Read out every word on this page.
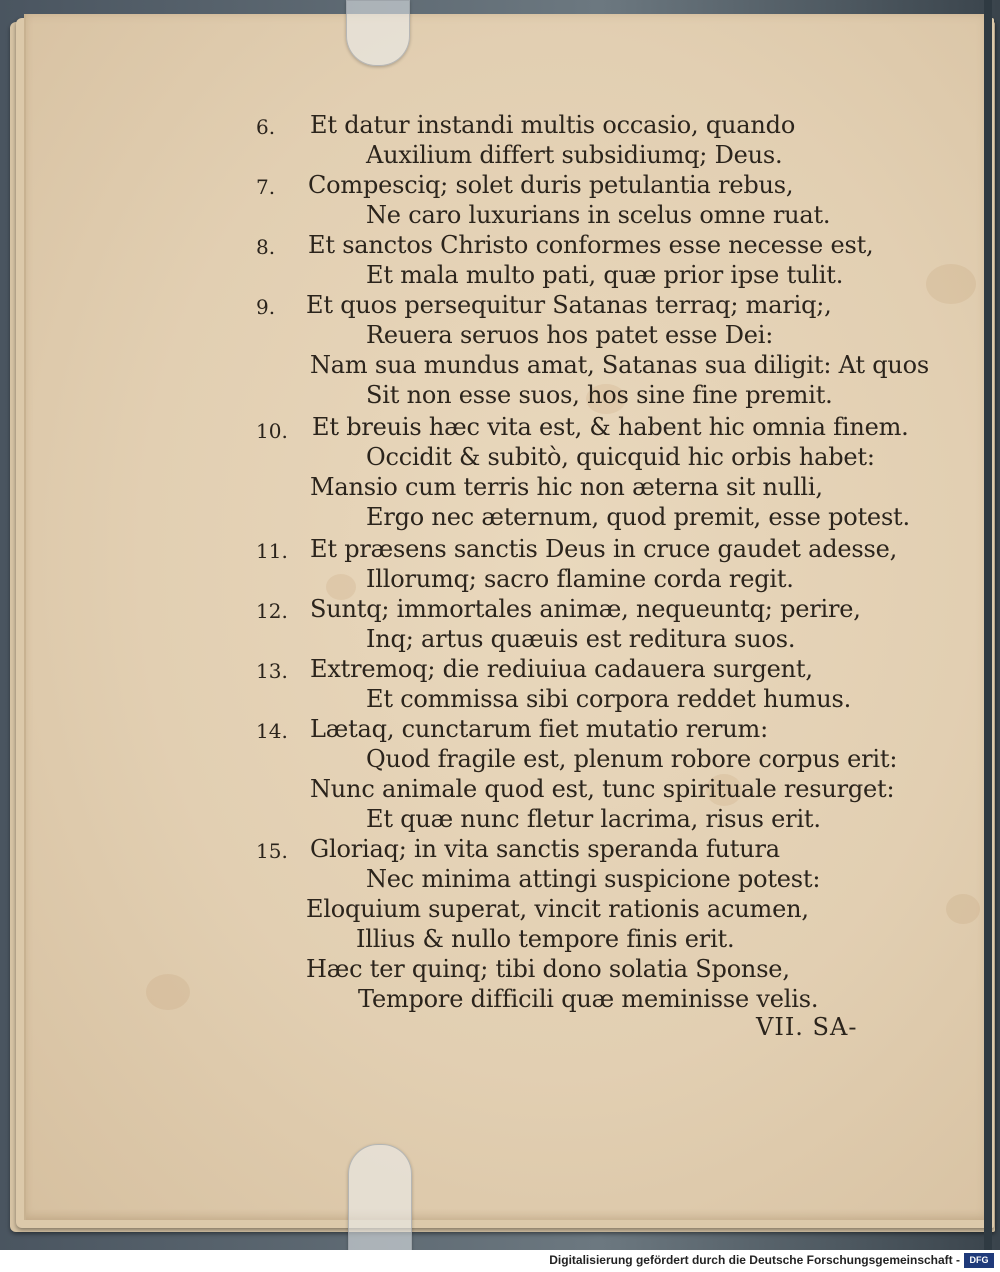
6. Et datur instandi multis occasio, quando
Auxilium differt subsidiumq; Deus.
7. Compesciq; solet duris petulantia rebus,
Ne caro luxurians in scelus omne ruat.
8. Et sanctos Christo conformes esse necesse est,
Et mala multo pati, quæ prior ipse tulit.
9. Et quos persequitur Satanas terraq; mariq;,
Reuera seruos hos patet esse Dei:
Nam sua mundus amat, Satanas sua diligit: At quos
Sit non esse suos, hos sine fine premit.
10. Et breuis hæc vita est, & habent hic omnia finem.
Occidit & subitò, quicquid hic orbis habet:
Mansio cum terris hic non æterna sit nulli,
Ergo nec æternum, quod premit, esse potest.
11. Et præsens sanctis Deus in cruce gaudet adesse,
Illorumq; sacro flamine corda regit.
12. Suntq; immortales animæ, nequeuntq; perire,
Inq; artus quæuis est reditura suos.
13. Extremoq; die rediuiua cadauera surgent,
Et commissa sibi corpora reddet humus.
14. Lætaq, cunctarum fiet mutatio rerum:
Quod fragile est, plenum robore corpus erit:
Nunc animale quod est, tunc spirituale resurget:
Et quæ nunc fletur lacrima, risus erit.
15. Gloriaq; in vita sanctis speranda futura
Nec minima attingi suspicione potest:
Eloquium superat, vincit rationis acumen,
Illius & nullo tempore finis erit.
Hæc ter quinq; tibi dono solatia Sponse,
Tempore difficili quæ meminisse velis.
VII. SA-
Digitalisierung gefördert durch die Deutsche Forschungsgemeinschaft -	DFG
